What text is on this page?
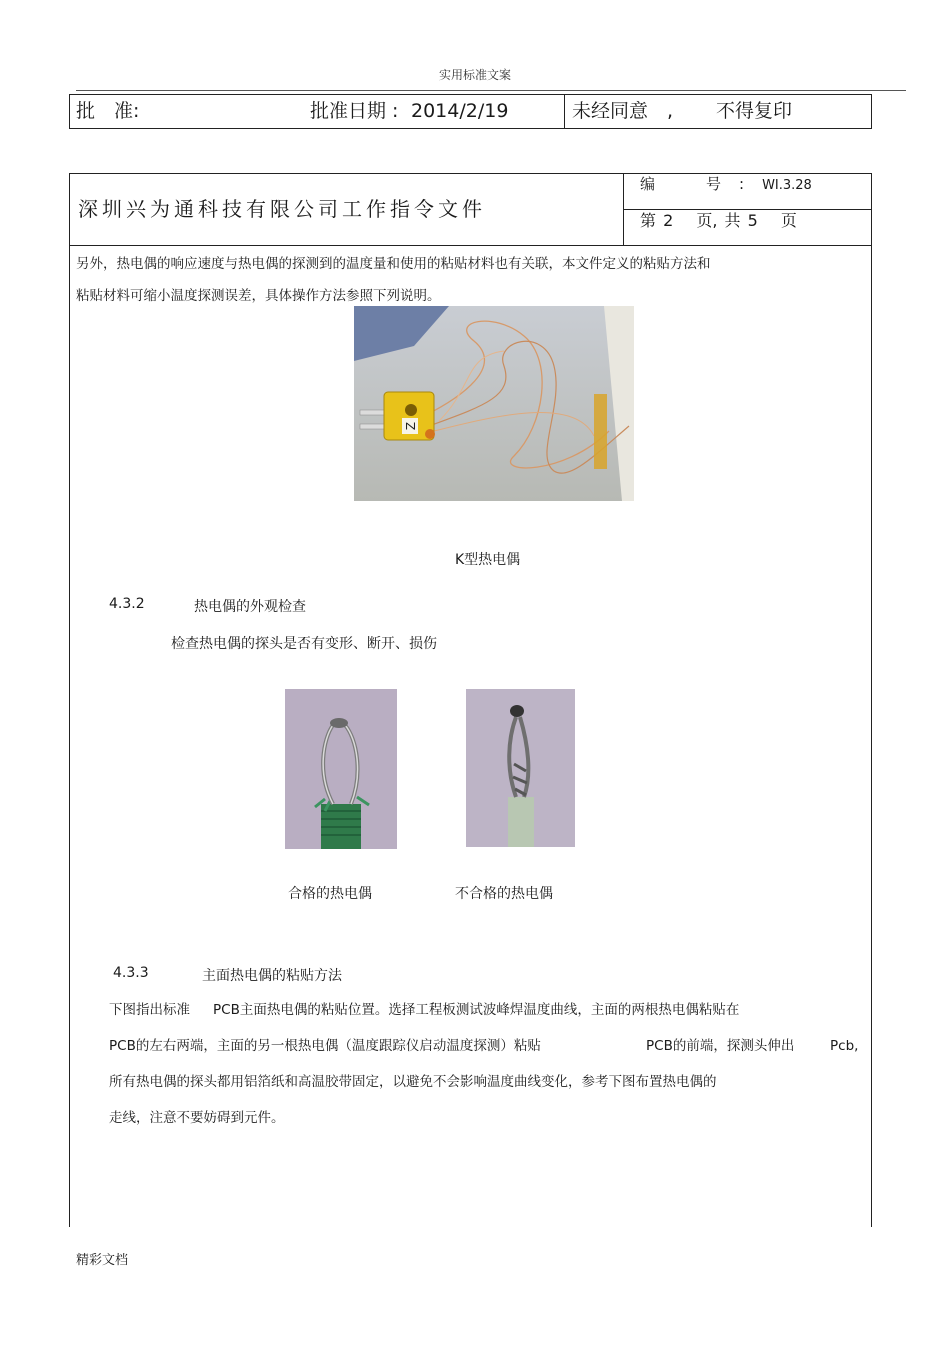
实用标准文案
批　准:	批准日期 : 2014/2/19	未经同意　, 不得复印
深圳兴为通科技有限公司工作指令文件
编　号:WI.3.28
第 2　 页, 共 5　 页
另外，热电偶的响应速度与热电偶的探测到的温度量和使用的粘贴材料也有关联，本文件定义的粘贴方法和
粘贴材料可缩小温度探测误差，具体操作方法参照下列说明。
Z
K型热电偶
4.3.2	热电偶的外观检查
检查热电偶的探头是否有变形、断开、损伤
合格的热电偶	不合格的热电偶
4.3.3	主面热电偶的粘贴方法
下图指出标准 PCB主面热电偶的粘贴位置。选择工程板测试波峰焊温度曲线，主面的两根热电偶粘贴在
PCB的左右两端，主面的另一根热电偶（温度跟踪仪启动温度探测）粘贴	PCB的前端，探测头伸出	Pcb,
所有热电偶的探头都用铝箔纸和高温胶带固定，以避免不会影响温度曲线变化，参考下图布置热电偶的
走线，注意不要妨碍到元件。
精彩文档
